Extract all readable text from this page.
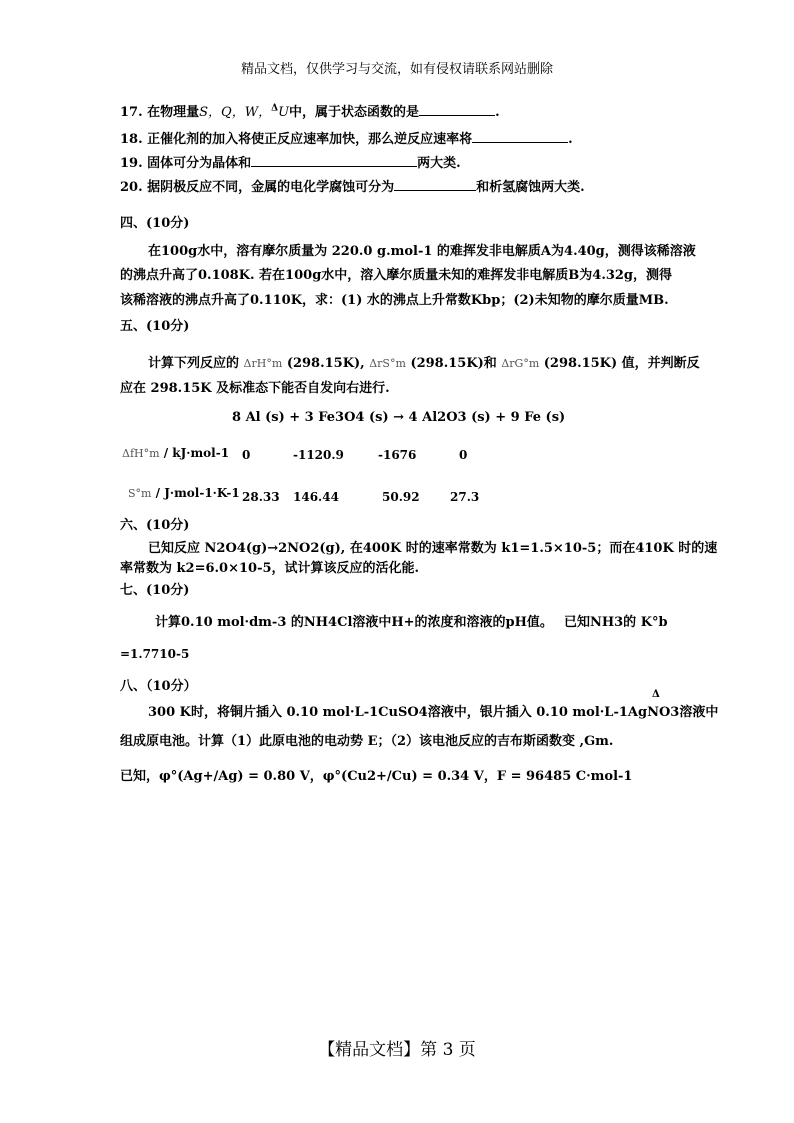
精品文档，仅供学习与交流，如有侵权请联系网站删除
17. 在物理量S，Q，W，$^\Delta$U中，属于状态函数的是	.
18. 正催化剂的加入将使正反应速率加快，那么逆反应速率将	.
19. 固体可分为晶体和	两大类.
20. 据阴极反应不同，金属的电化学腐蚀可分为	和析氢腐蚀两大类.
四、(10分)
在100g水中，溶有摩尔质量为 220.0 g.mol-1 的难挥发非电解质A为4.40g，测得该稀溶液
的沸点升高了0.108K. 若在100g水中，溶入摩尔质量未知的难挥发非电解质B为4.32g，测得
该稀溶液的沸点升高了0.110K，求：(1) 水的沸点上升常数Kbp；(2)未知物的摩尔质量MB.
五、(10分)
计算下列反应的 ΔrH°m (298.15K), ΔrS°m (298.15K)和 ΔrG°m (298.15K) 值，并判断反
应在 298.15K 及标准态下能否自发向右进行.
8 Al (s) + 3 Fe3O4 (s) → 4 Al2O3 (s) + 9 Fe (s)
ΔfH°m / kJ·mol-1 0	-1120.9	-1676	0
S°m / J·mol-1·K-1 28.33 146.44	50.92	27.3
六、(10分)
已知反应 N2O4(g)→2NO2(g), 在400K 时的速率常数为 k1=1.5×10-5；而在410K 时的速
率常数为 k2=6.0×10-5，试计算该反应的活化能.
七、(10分)
计算0.10 mol·dm-3 的NH4Cl溶液中H+的浓度和溶液的pH值。　 已知NH3的 K°b
=1.7710-5
八、（10分）
Δ
300 K时，将铜片插入 0.10 mol·L-1CuSO4溶液中，银片插入 0.10 mol·L-1AgNO3溶液中
组成原电池。计算（1）此原电池的电动势 E；（2）该电池反应的吉布斯函数变 ,Gm.
已知，φ°(Ag+/Ag) = 0.80 V，φ°(Cu2+/Cu) = 0.34 V，F = 96485 C·mol-1
【精品文档】第 3 页
